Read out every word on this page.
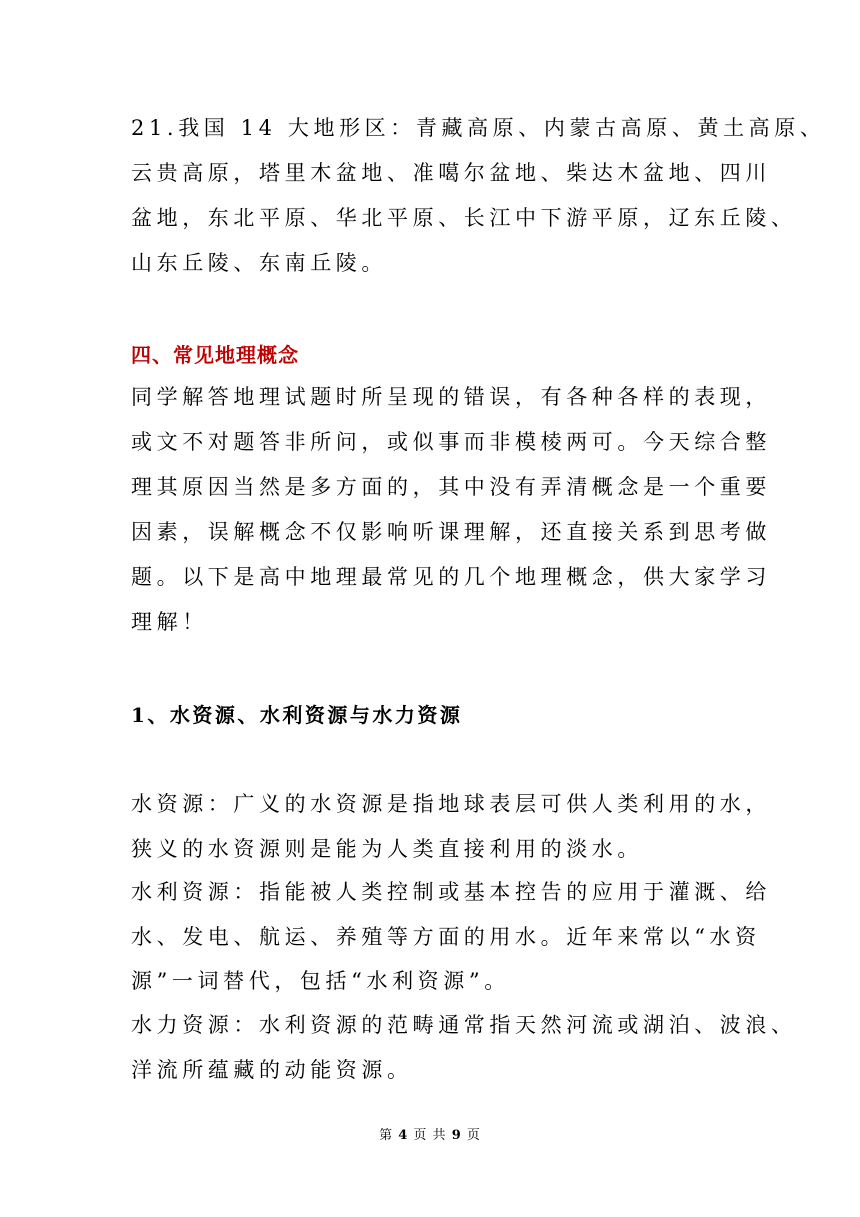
21.我国 14 大地形区：青藏高原、内蒙古高原、黄土高原、
云贵高原，塔里木盆地、准噶尔盆地、柴达木盆地、四川
盆地，东北平原、华北平原、长江中下游平原，辽东丘陵、
山东丘陵、东南丘陵。
四、常见地理概念
同学解答地理试题时所呈现的错误，有各种各样的表现，
或文不对题答非所问，或似事而非模棱两可。今天综合整
理其原因当然是多方面的，其中没有弄清概念是一个重要
因素，误解概念不仅影响听课理解，还直接关系到思考做
题。以下是高中地理最常见的几个地理概念，供大家学习
理解！
1、水资源、水利资源与水力资源
水资源：广义的水资源是指地球表层可供人类利用的水，
狭义的水资源则是能为人类直接利用的淡水。
水利资源：指能被人类控制或基本控告的应用于灌溉、给
水、发电、航运、养殖等方面的用水。近年来常以“水资
源”一词替代，包括“水利资源”。
水力资源：水利资源的范畴通常指天然河流或湖泊、波浪、
洋流所蕴藏的动能资源。
第 4 页 共 9 页
